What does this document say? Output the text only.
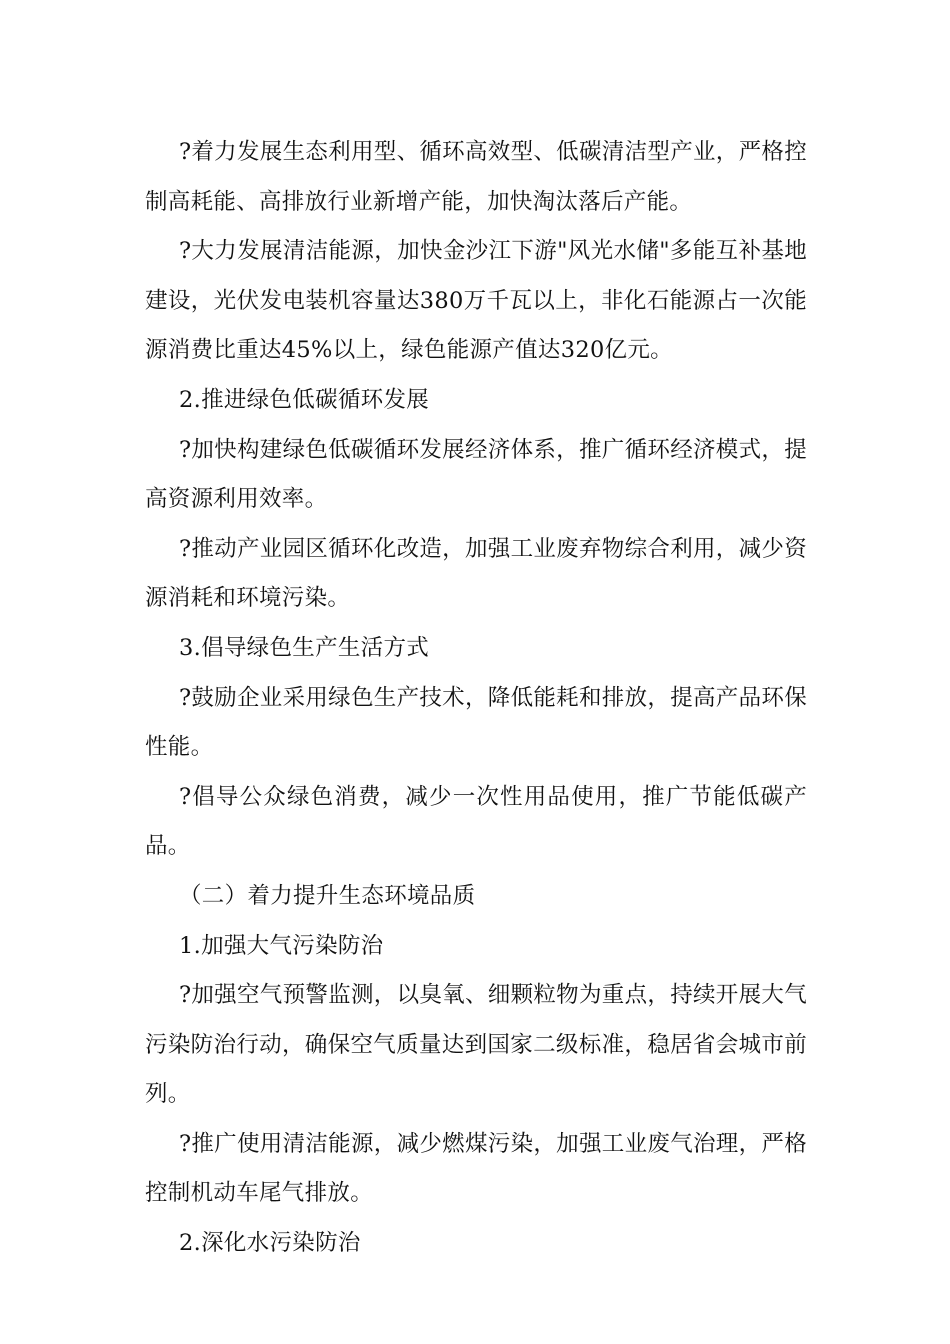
?着力发展生态利用型、循环高效型、低碳清洁型产业，严格控制高耗能、高排放行业新增产能，加快淘汰落后产能。

?大力发展清洁能源，加快金沙江下游"风光水储"多能互补基地建设，光伏发电装机容量达380万千瓦以上，非化石能源占一次能源消费比重达45%以上，绿色能源产值达320亿元。

2.推进绿色低碳循环发展

?加快构建绿色低碳循环发展经济体系，推广循环经济模式，提高资源利用效率。

?推动产业园区循环化改造，加强工业废弃物综合利用，减少资源消耗和环境污染。

3.倡导绿色生产生活方式

?鼓励企业采用绿色生产技术，降低能耗和排放，提高产品环保性能。

?倡导公众绿色消费，减少一次性用品使用，推广节能低碳产品。

（二）着力提升生态环境品质

1.加强大气污染防治

?加强空气预警监测，以臭氧、细颗粒物为重点，持续开展大气污染防治行动，确保空气质量达到国家二级标准，稳居省会城市前列。

?推广使用清洁能源，减少燃煤污染，加强工业废气治理，严格控制机动车尾气排放。

2.深化水污染防治
